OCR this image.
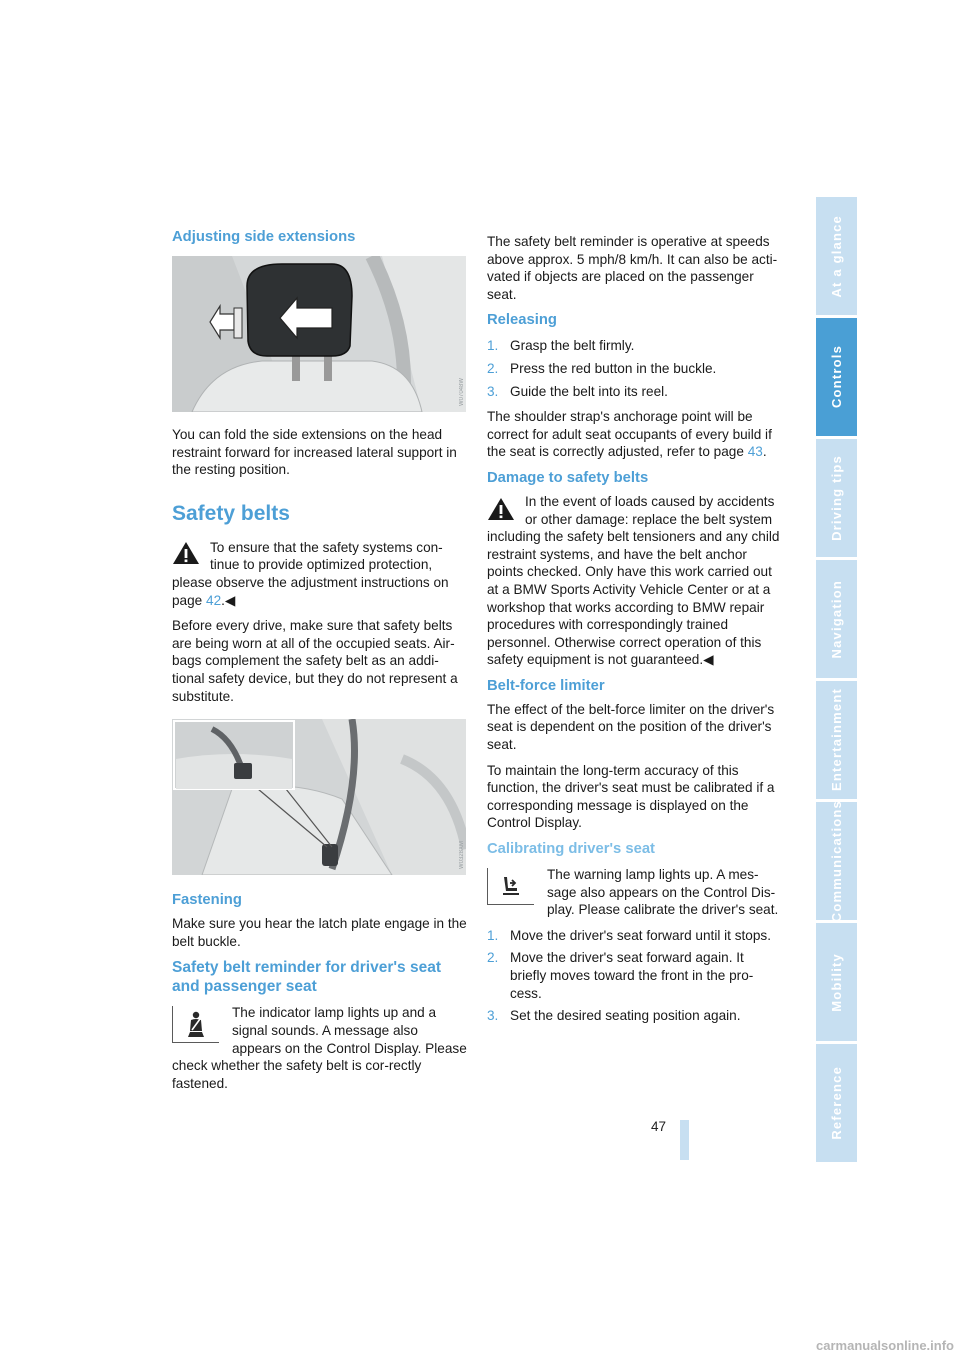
Adjusting side extensions
W07048W

You can fold the side extensions on the head restraint forward for increased lateral support in the resting position.

Safety belts

To ensure that the safety systems con-tinue to provide optimized protection, please observe the adjustment instructions on page 42.◀

Before every drive, make sure that safety belts are being worn at all of the occupied seats. Air-bags complement the safety belt as an addi-tional safety device, but they do not represent a substitute.

W0328XM
Fastening

Make sure you hear the latch plate engage in the belt buckle.

Safety belt reminder for driver's seat and passenger seat

The indicator lamp lights up and a signal sounds. A message also appears on the Control Display. Please check whether the safety belt is cor-rectly fastened.

The safety belt reminder is operative at speeds above approx. 5 mph/8 km/h. It can also be acti-vated if objects are placed on the passenger seat.

Releasing
1. Grasp the belt firmly.
2. Press the red button in the buckle.
3. Guide the belt into its reel.

The shoulder strap's anchorage point will be correct for adult seat occupants of every build if the seat is correctly adjusted, refer to page 43.

Damage to safety belts

In the event of loads caused by accidents or other damage: replace the belt system including the safety belt tensioners and any child restraint systems, and have the belt anchor points checked. Only have this work carried out at a BMW Sports Activity Vehicle Center or at a workshop that works according to BMW repair procedures with correspondingly trained personnel. Otherwise correct operation of this safety equipment is not guaranteed.◀

Belt-force limiter

The effect of the belt-force limiter on the driver's seat is dependent on the position of the driver's seat.

To maintain the long-term accuracy of this function, the driver's seat must be calibrated if a corresponding message is displayed on the Control Display.

Calibrating driver's seat

The warning lamp lights up. A mes-sage also appears on the Control Dis-play. Please calibrate the driver's seat.

1. Move the driver's seat forward until it stops.
2. Move the driver's seat forward again. It briefly moves toward the front in the pro-cess.
3. Set the desired seating position again.
At a glance
Controls
Driving tips
Navigation
Entertainment
Communications
Mobility
Reference
47
carmanualsonline.info
